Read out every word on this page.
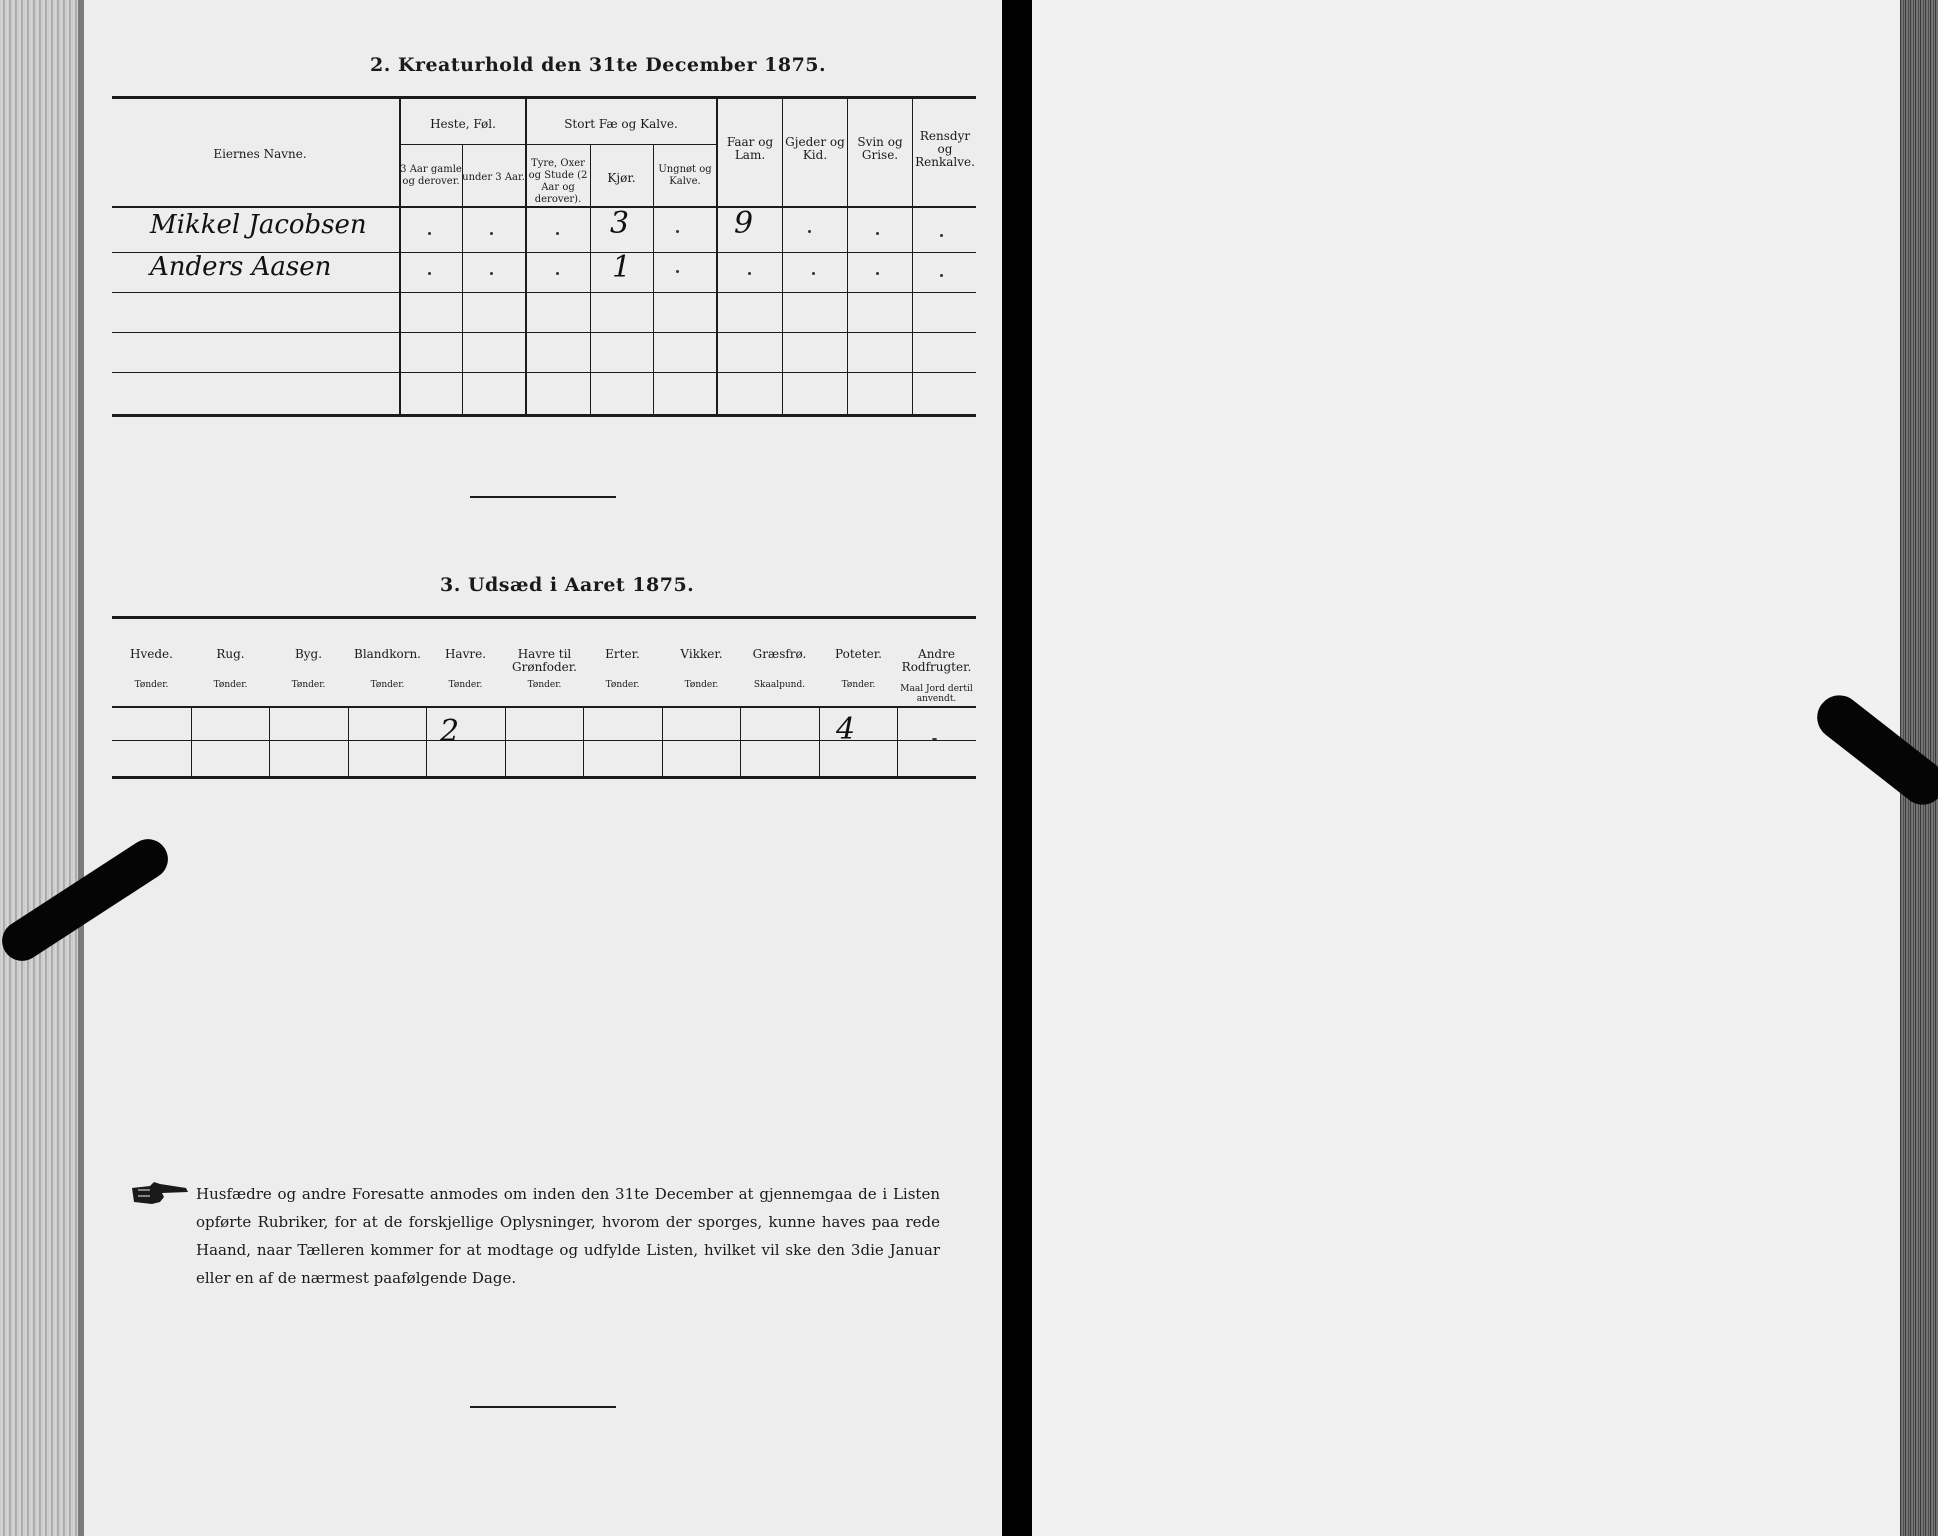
2. Kreaturhold den 31te December 1875.
Eiernes Navne.
Heste, Føl.
3 Aar gamle og derover. under 3 Aar.
Stort Fæ og Kalve.
Tyre, Oxer og Stude (2 Aar og derover).
Kjør.
Ungnøt og Kalve.
Faar og Lam.
Gjeder og Kid.
Svin og Grise.
Rensdyr og Renkalve.
Mikkel Jacobsen
Anders Aasen
3
1
9
3. Udsæd i Aaret 1875.
Hvede.
Tønder.
Rug.
Tønder.
Byg.
Tønder.
Blandkorn.
Tønder.
Havre.
Tønder.
Havre til Grønfoder.
Tønder.
Erter.
Tønder.
Vikker.
Tønder.
Græsfrø.
Skaalpund.
Poteter.
Tønder.
Andre Rodfrugter.
Maal Jord dertil anvendt.
2	4
Husfædre og andre Foresatte anmodes om inden den 31te December at gjennemgaa de i Listen opførte Rubriker, for at de forskjellige Oplysninger, hvorom der sporges, kunne haves paa rede Haand, naar Tælleren kommer for at modtage og udfylde Listen, hvilket vil ske den 3die Januar eller en af de nærmest paafølgende Dage.
